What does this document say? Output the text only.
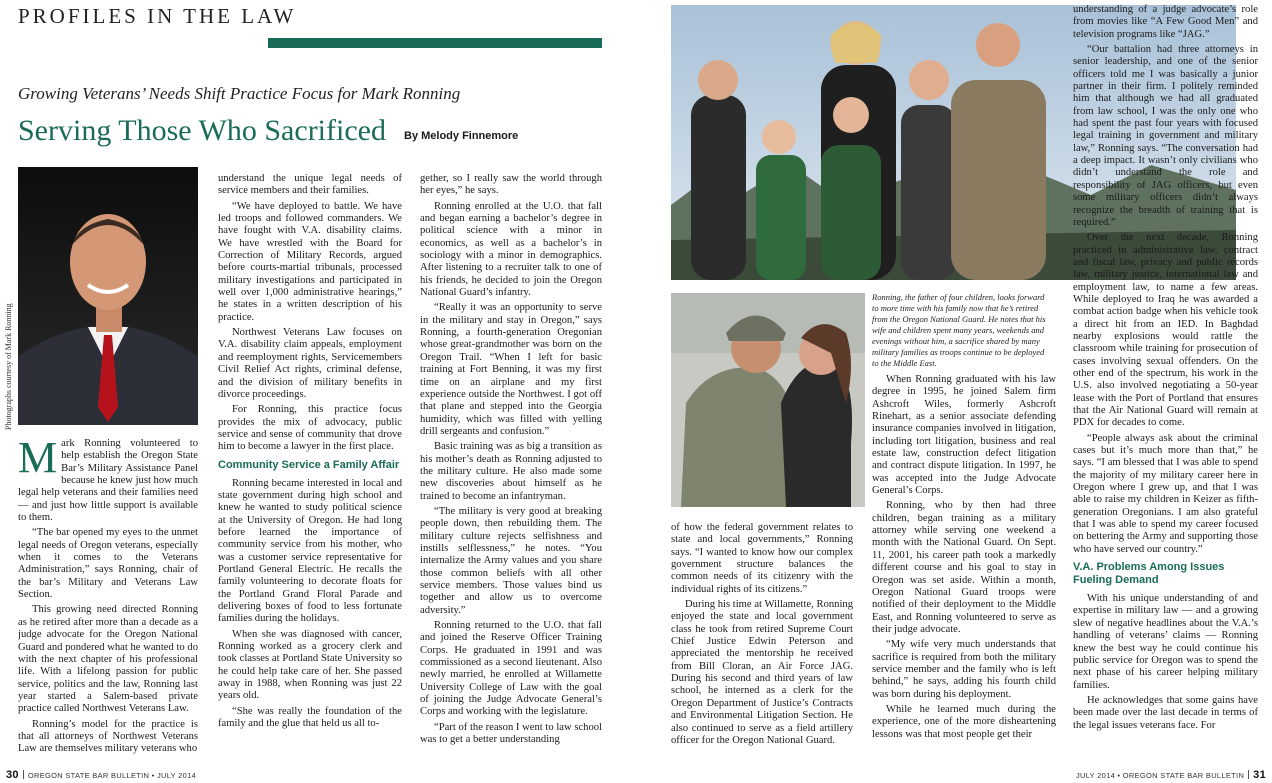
PROFILES IN THE LAW
Growing Veterans’ Needs Shift Practice Focus for Mark Ronning
Serving Those Who Sacrificed By Melody Finnemore
Photographs courtesy of Mark Ronning

Mark Ronning volunteered to help establish the Oregon State Bar’s Military Assistance Panel because he knew just how much legal help veterans and their families need — and just how little support is available to them.

“The bar opened my eyes to the unmet legal needs of Oregon veterans, especially when it comes to the Veterans Administration,” says Ronning, chair of the bar’s Military and Veterans Law Section.

This growing need directed Ronning as he retired after more than a decade as a judge advocate for the Oregon National Guard and pondered what he wanted to do with the next chapter of his professional life. With a lifelong passion for public service, politics and the law, Ronning last year started a Salem-based private practice called Northwest Veterans Law.

Ronning’s model for the practice is that all attorneys of Northwest Veterans Law are themselves military veterans who

understand the unique legal needs of service members and their families.

“We have deployed to battle. We have led troops and followed commanders. We have fought with V.A. disability claims. We have wrestled with the Board for Correction of Military Records, argued before courts-martial tribunals, processed military investigations and participated in well over 1,000 administrative hearings,” he states in a written description of his practice.

Northwest Veterans Law focuses on V.A. disability claim appeals, employment and reemployment rights, Servicemembers Civil Relief Act rights, criminal defense, and the division of military benefits in divorce proceedings.

For Ronning, this practice focus provides the mix of advocacy, public service and sense of community that drove him to become a lawyer in the first place.

Community Service a Family Affair

Ronning became interested in local and state government during high school and knew he wanted to study political science at the University of Oregon. He had long before learned the importance of community service from his mother, who was a customer service representative for Portland General Electric. He recalls the family volunteering to decorate floats for the Portland Grand Floral Parade and delivering boxes of food to less fortunate families during the holidays.

When she was diagnosed with cancer, Ronning worked as a grocery clerk and took classes at Portland State University so he could help take care of her. She passed away in 1988, when Ronning was just 22 years old.

“She was really the foundation of the family and the glue that held us all to-

gether, so I really saw the world through her eyes,” he says.

Ronning enrolled at the U.O. that fall and began earning a bachelor’s degree in political science with a minor in economics, as well as a bachelor’s in sociology with a minor in demographics. After listening to a recruiter talk to one of his friends, he decided to join the Oregon National Guard’s infantry.

“Really it was an opportunity to serve in the military and stay in Oregon,” says Ronning, a fourth-generation Oregonian whose great-grandmother was born on the Oregon Trail. “When I left for basic training at Fort Benning, it was my first time on an airplane and my first experience outside the Northwest. I got off that plane and stepped into the Georgia humidity, which was filled with yelling drill sergeants and confusion.”

Basic training was as big a transition as his mother’s death as Ronning adjusted to the military culture. He also made some new discoveries about himself as he trained to become an infantryman.

“The military is very good at breaking people down, then rebuilding them. The military culture rejects selfishness and instills selflessness,” he notes. “You internalize the Army values and you share those common beliefs with all other service members. Those values bind us together and allow us to overcome adversity.”

Ronning returned to the U.O. that fall and joined the Reserve Officer Training Corps. He graduated in 1991 and was commissioned as a second lieutenant. Also newly married, he enrolled at Willamette University College of Law with the goal of joining the Judge Advocate General’s Corps and working with the legislature.

“Part of the reason I went to law school was to get a better understanding

30 OREGON STATE BAR BULLETIN • JULY 2014
Ronning, the father of four children, looks forward to more time with his family now that he’s retired from the Oregon National Guard. He notes that his wife and children spent many years, weekends and evenings without him, a sacrifice shared by many military families as troops continue to be deployed to the Middle East.

of how the federal government relates to state and local governments,” Ronning says. “I wanted to know how our complex government structure balances the common needs of its citizenry with the individual rights of its citizens.”

During his time at Willamette, Ronning enjoyed the state and local government class he took from retired Supreme Court Chief Justice Edwin Peterson and appreciated the mentorship he received from Bill Cloran, an Air Force JAG. During his second and third years of law school, he interned as a clerk for the Oregon Department of Justice’s Contracts and Environmental Litigation Section. He also continued to serve as a field artillery officer for the Oregon National Guard.

When Ronning graduated with his law degree in 1995, he joined Salem firm Ashcroft Wiles, formerly Ashcroft Rinehart, as a senior associate defending insurance companies involved in litigation, including tort litigation, business and real estate law, construction defect litigation and contract dispute litigation. In 1997, he was accepted into the Judge Advocate General’s Corps.

Ronning, who by then had three children, began training as a military attorney while serving one weekend a month with the National Guard. On Sept. 11, 2001, his career path took a markedly different course and his goal to stay in Oregon was set aside. Within a month, Oregon National Guard troops were notified of their deployment to the Middle East, and Ronning volunteered to serve as their judge advocate.

“My wife very much understands that sacrifice is required from both the military service member and the family who is left behind,” he says, adding his fourth child was born during his deployment.

While he learned much during the experience, one of the more disheartening lessons was that most people get their

understanding of a judge advocate’s role from movies like “A Few Good Men” and television programs like “JAG.”

“Our battalion had three attorneys in senior leadership, and one of the senior officers told me I was basically a junior partner in their firm. I politely reminded him that although we had all graduated from law school, I was the only one who had spent the past four years with focused legal training in government and military law,” Ronning says. “The conversation had a deep impact. It wasn’t only civilians who didn’t understand the role and responsibility of JAG officers, but even some military officers didn’t always recognize the breadth of training that is required.”

Over the next decade, Ronning practiced in administrative law, contract and fiscal law, privacy and public records law, military justice, international law and employment law, to name a few areas. While deployed to Iraq he was awarded a combat action badge when his vehicle took a direct hit from an IED. In Baghdad nearby explosions would rattle the classroom while training for prosecution of cases involving sexual offenders. On the other end of the spectrum, his work in the U.S. also involved negotiating a 50-year lease with the Port of Portland that ensures that the Air National Guard will remain at PDX for decades to come.

“People always ask about the criminal cases but it’s much more than that,” he says. “I am blessed that I was able to spend the majority of my military career here in Oregon where I grew up, and that I was able to raise my children in Keizer as fifth-generation Oregonians. I am also grateful that I was able to spend my career focused on bettering the Army and supporting those who have served our country.”

V.A. Problems Among Issues Fueling Demand

With his unique understanding of and expertise in military law — and a growing slew of negative headlines about the V.A.’s handling of veterans’ claims — Ronning knew the best way he could continue his public service for Oregon was to spend the next phase of his career helping military families.

He acknowledges that some gains have been made over the last decade in terms of the legal issues veterans face. For

JULY 2014 • OREGON STATE BAR BULLETIN 31
